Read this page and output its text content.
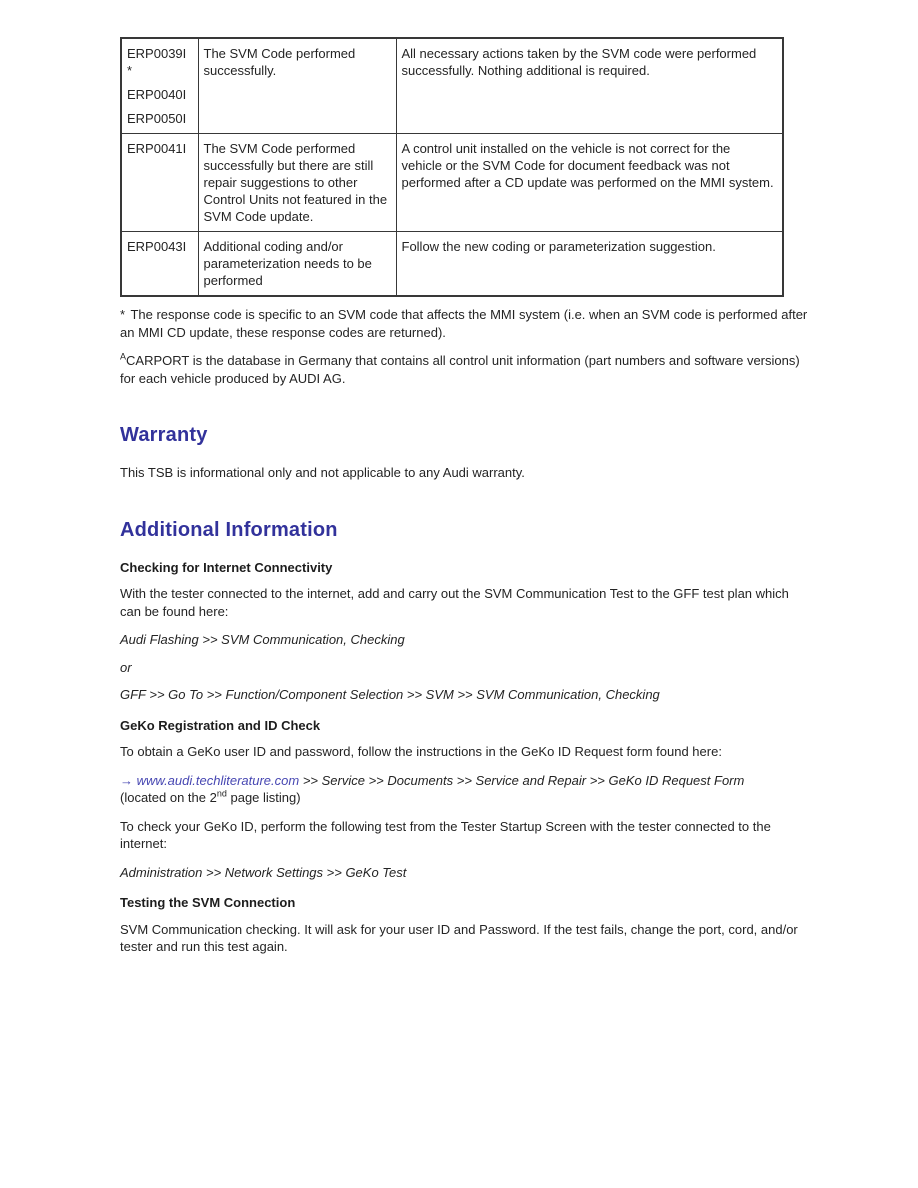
ERP0039I
*
ERP0040I
ERP0050I	The SVM Code performed successfully.	All necessary actions taken by the SVM code were performed successfully. Nothing additional is required.

ERP0041I	The SVM Code performed successfully but there are still repair suggestions to other Control Units not featured in the SVM Code update.	A control unit installed on the vehicle is not correct for the vehicle or the SVM Code for document feedback was not performed after a CD update was performed on the MMI system.

ERP0043I	Additional coding and/or parameterization needs to be performed	Follow the new coding or parameterization suggestion.

* The response code is specific to an SVM code that affects the MMI system (i.e. when an SVM code is performed after an MMI CD update, these response codes are returned).

$^A$CARPORT is the database in Germany that contains all control unit information (part numbers and software versions) for each vehicle produced by AUDI AG.

Warranty

This TSB is informational only and not applicable to any Audi warranty.

Additional Information
Checking for Internet Connectivity

With the tester connected to the internet, add and carry out the SVM Communication Test to the GFF test plan which can be found here:

Audi Flashing >> SVM Communication, Checking

or

GFF >> Go To >> Function/Component Selection >> SVM >> SVM Communication, Checking

GeKo Registration and ID Check

To obtain a GeKo user ID and password, follow the instructions in the GeKo ID Request form found here:

→ www.audi.techliterature.com >> Service >> Documents >> Service and Repair >> GeKo ID Request Form
(located on the 2nd page listing)

To check your GeKo ID, perform the following test from the Tester Startup Screen with the tester connected to the internet:

Administration >> Network Settings >> GeKo Test

Testing the SVM Connection

SVM Communication checking. It will ask for your user ID and Password. If the test fails, change the port, cord, and/or tester and run this test again.
